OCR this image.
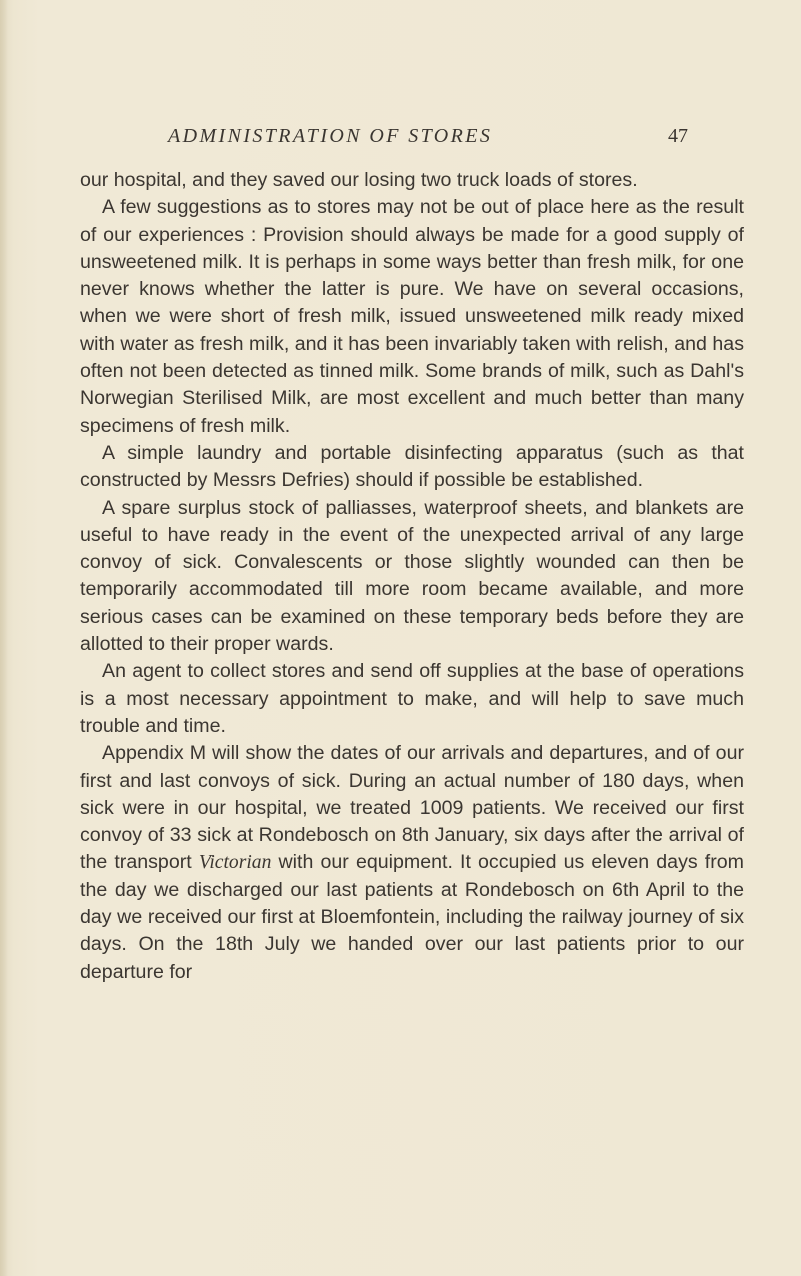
ADMINISTRATION OF STORES	47

our hospital, and they saved our losing two truck loads of stores.

A few suggestions as to stores may not be out of place here as the result of our experiences : Provision should always be made for a good supply of unsweetened milk. It is perhaps in some ways better than fresh milk, for one never knows whether the latter is pure. We have on several occasions, when we were short of fresh milk, issued unsweetened milk ready mixed with water as fresh milk, and it has been invariably taken with relish, and has often not been detected as tinned milk. Some brands of milk, such as Dahl's Norwegian Sterilised Milk, are most excellent and much better than many specimens of fresh milk.

A simple laundry and portable disinfecting apparatus (such as that constructed by Messrs Defries) should if possible be established.

A spare surplus stock of palliasses, waterproof sheets, and blankets are useful to have ready in the event of the unexpected arrival of any large convoy of sick. Convalescents or those slightly wounded can then be temporarily accommodated till more room became available, and more serious cases can be examined on these temporary beds before they are allotted to their proper wards.

An agent to collect stores and send off supplies at the base of operations is a most necessary appointment to make, and will help to save much trouble and time.

Appendix M will show the dates of our arrivals and departures, and of our first and last convoys of sick. During an actual number of 180 days, when sick were in our hospital, we treated 1009 patients. We received our first convoy of 33 sick at Rondebosch on 8th January, six days after the arrival of the transport Victorian with our equipment. It occupied us eleven days from the day we discharged our last patients at Rondebosch on 6th April to the day we received our first at Bloemfontein, including the railway journey of six days. On the 18th July we handed over our last patients prior to our departure for
